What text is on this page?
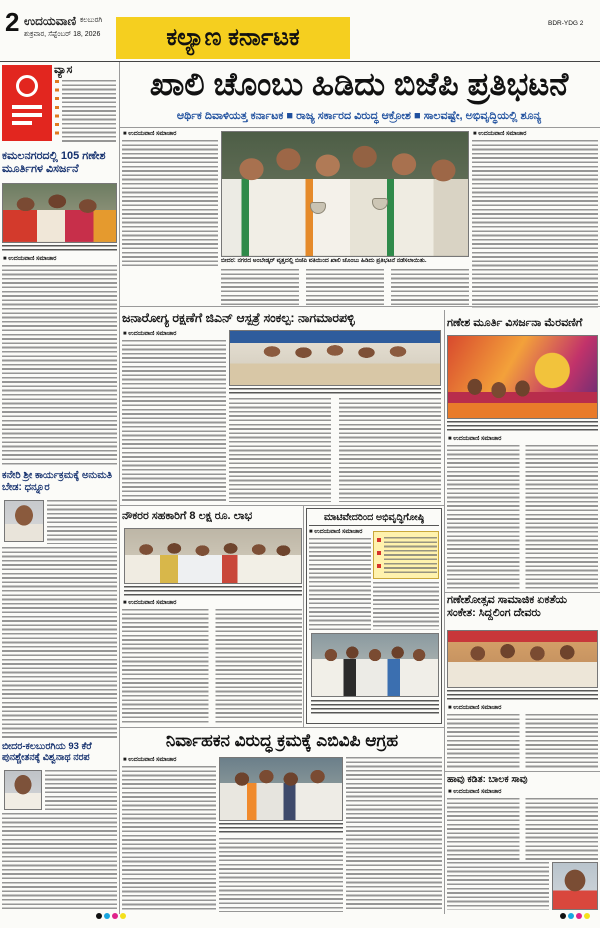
2 ಉದಯವಾಣಿ ಕಲಬುರಗಿ
ಶುಕ್ರವಾರ, ಸೆಪ್ಟೆಂಬರ್ 18, 2026	ಕಲ್ಯಾಣ ಕರ್ನಾಟಕ
BDR-YDG 2
ಖಾಲಿ ಚೊಂಬು ಹಿಡಿದು ಬಿಜೆಪಿ ಪ್ರತಿಭಟನೆ
ಆರ್ಥಿಕ ದಿವಾಳಿಯತ್ತ ಕರ್ನಾಟಕ ■ ರಾಜ್ಯ ಸರ್ಕಾರದ ವಿರುದ್ಧ ಆಕ್ರೋಶ ■ ಸಾಲವಷ್ಟೇ, ಅಭಿವೃದ್ಧಿಯಲ್ಲಿ ಶೂನ್ಯ
■ ಉದಯವಾಣಿ ಸಮಾಚಾರ
ಬೀದರ: ನಗರದ ಅಂಬೇಡ್ಕರ್ ವೃತ್ತದಲ್ಲಿ ಬಿಜೆಪಿ ವತಿಯಿಂದ ಖಾಲಿ ಚೊಂಬು ಹಿಡಿದು ಪ್ರತಿಭಟನೆ ನಡೆಸಲಾಯಿತು.
■ ಉದಯವಾಣಿ ಸಮಾಚಾರ
ವ್ಯಾಸ
ಕಮಲನಗರದಲ್ಲಿ 105 ಗಣೇಶ ಮೂರ್ತಿಗಳ ವಿಸರ್ಜನೆ
■ ಉದಯವಾಣಿ ಸಮಾಚಾರ
ಕನೇರಿ ಶ್ರೀ ಕಾರ್ಯಕ್ರಮಕ್ಕೆ ಅನುಮತಿ ಬೇಡ: ಧನ್ನೂರ
ಬೀದರ-ಕಲಬುರಗಿಯ 93 ಕೆರೆ ಪುನಶ್ಚೇತನಕ್ಕೆ ವಿಶ್ವನಾಥ ನರಪ
ಜನಾರೋಗ್ಯ ರಕ್ಷಣೆಗೆ ಜಿಎನ್ ಆಸ್ಪತ್ರೆ ಸಂಕಲ್ಪ: ನಾಗಮಾರಪಳ್ಳಿ
■ ಉದಯವಾಣಿ ಸಮಾಚಾರ
ಗಣೇಶ ಮೂರ್ತಿ ವಿಸರ್ಜನಾ ಮೆರವಣಿಗೆ
■ ಉದಯವಾಣಿ ಸಮಾಚಾರ
ಗಣೇಶೋತ್ಸವ ಸಾಮಾಜಿಕ ಏಕತೆಯ ಸಂಕೇತ: ಸಿದ್ದಲಿಂಗ ದೇವರು
■ ಉದಯವಾಣಿ ಸಮಾಚಾರ
ಹಾವು ಕಡಿತ: ಬಾಲಕ ಸಾವು
■ ಉದಯವಾಣಿ ಸಮಾಚಾರ
ನೌಕರರ ಸಹಕಾರಿಗೆ 8 ಲಕ್ಷ ರೂ. ಲಾಭ
■ ಉದಯವಾಣಿ ಸಮಾಚಾರ
ಮಾಟಿವೇದರಿಂದ ಅಭಿವೃದ್ಧಿಗೋಷ್ಠಿ
■ ಉದಯವಾಣಿ ಸಮಾಚಾರ
ನಿರ್ವಾಹಕನ ವಿರುದ್ಧ ಕ್ರಮಕ್ಕೆ ಎಬಿವಿಪಿ ಆಗ್ರಹ
■ ಉದಯವಾಣಿ ಸಮಾಚಾರ
